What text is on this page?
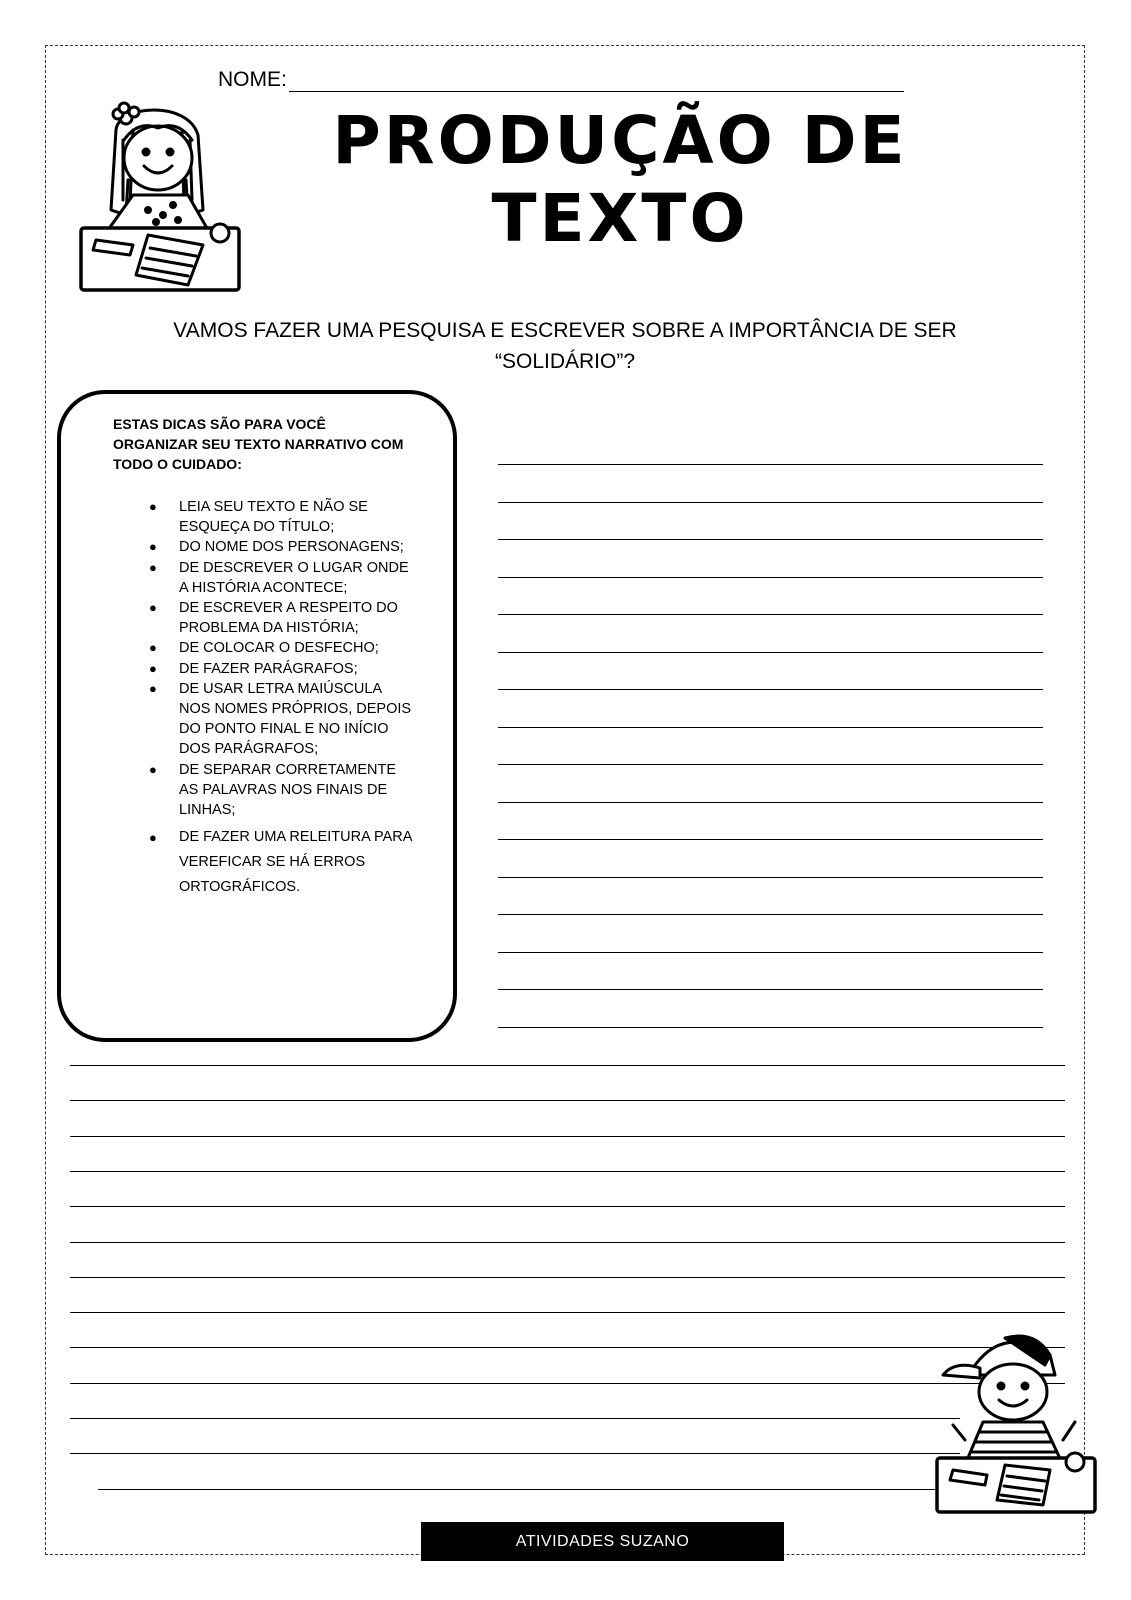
NOME:
PRODUÇÃO DE
TEXTO
VAMOS FAZER UMA PESQUISA E ESCREVER SOBRE A IMPORTÂNCIA DE SER
“SOLIDÁRIO”?
ESTAS DICAS SÃO PARA VOCÊ ORGANIZAR SEU TEXTO NARRATIVO COM TODO O CUIDADO:
● LEIA SEU TEXTO E NÃO SE ESQUEÇA DO TÍTULO;
● DO NOME DOS PERSONAGENS;
● DE DESCREVER O LUGAR ONDE A HISTÓRIA ACONTECE;
● DE ESCREVER A RESPEITO DO PROBLEMA DA HISTÓRIA;
● DE COLOCAR O DESFECHO;
● DE FAZER PARÁGRAFOS;
● DE USAR LETRA MAIÚSCULA NOS NOMES PRÓPRIOS, DEPOIS DO PONTO FINAL E NO INÍCIO DOS PARÁGRAFOS;
● DE SEPARAR CORRETAMENTE AS PALAVRAS NOS FINAIS DE LINHAS;
● DE FAZER UMA RELEITURA PARA VEREFICAR SE HÁ ERROS ORTOGRÁFICOS.
ATIVIDADES SUZANO
